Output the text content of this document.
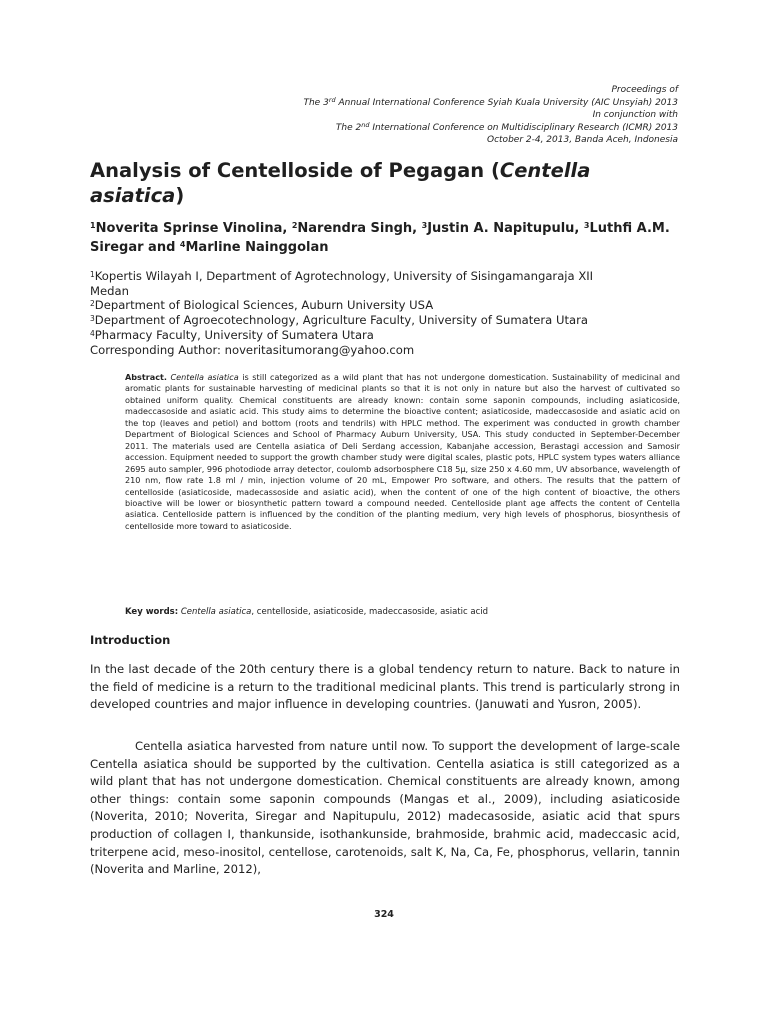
Proceedings of
The 3rd Annual International Conference Syiah Kuala University (AIC Unsyiah) 2013
In conjunction with
The 2nd International Conference on Multidisciplinary Research (ICMR) 2013
October 2-4, 2013, Banda Aceh, Indonesia
Analysis of Centelloside of Pegagan (Centella asiatica)
$^1$Noverita Sprinse Vinolina, $^2$Narendra Singh, $^3$Justin A. Napitupulu, $^3$Luthfi A.M. Siregar and $^4$Marline Nainggolan
$^1$Kopertis Wilayah I, Department of Agrotechnology, University of Sisingamangaraja XII
Medan
$^2$Department of Biological Sciences, Auburn University USA
$^3$Department of Agroecotechnology, Agriculture Faculty, University of Sumatera Utara
$^4$Pharmacy Faculty, University of Sumatera Utara
Corresponding Author: noveritasitumorang@yahoo.com
Abstract. Centella asiatica is still categorized as a wild plant that has not undergone domestication. Sustainability of medicinal and aromatic plants for sustainable harvesting of medicinal plants so that it is not only in nature but also the harvest of cultivated so obtained uniform quality. Chemical constituents are already known: contain some saponin compounds, including asiaticoside, madeccasoside and asiatic acid. This study aims to determine the bioactive content; asiaticoside, madeccasoside and asiatic acid on the top (leaves and petiol) and bottom (roots and tendrils) with HPLC method. The experiment was conducted in growth chamber Department of Biological Sciences and School of Pharmacy Auburn University, USA. This study conducted in September-December 2011. The materials used are Centella asiatica of Deli Serdang accession, Kabanjahe accession, Berastagi accession and Samosir accession. Equipment needed to support the growth chamber study were digital scales, plastic pots, HPLC system types waters alliance 2695 auto sampler, 996 photodiode array detector, coulomb adsorbosphere C18 5μ, size 250 x 4.60 mm, UV absorbance, wavelength of 210 nm, flow rate 1.8 ml / min, injection volume of 20 mL, Empower Pro software, and others. The results that the pattern of centelloside (asiaticoside, madecassoside and asiatic acid), when the content of one of the high content of bioactive, the others bioactive will be lower or biosynthetic pattern toward a compound needed. Centelloside plant age affects the content of Centella asiatica. Centelloside pattern is influenced by the condition of the planting medium, very high levels of phosphorus, biosynthesis of centelloside more toward to asiaticoside.
Key words: Centella asiatica, centelloside, asiaticoside, madeccasoside, asiatic acid
Introduction
In the last decade of the 20th century there is a global tendency return to nature. Back to nature in the field of medicine is a return to the traditional medicinal plants. This trend is particularly strong in developed countries and major influence in developing countries. (Januwati and Yusron, 2005).
Centella asiatica harvested from nature until now. To support the development of large-scale Centella asiatica should be supported by the cultivation. Centella asiatica is still categorized as a wild plant that has not undergone domestication. Chemical constituents are already known, among other things: contain some saponin compounds (Mangas et al., 2009), including asiaticoside (Noverita, 2010; Noverita, Siregar and Napitupulu, 2012) madecasoside, asiatic acid that spurs production of collagen I, thankunside, isothankunside, brahmoside, brahmic acid, madeccasic acid, triterpene acid, meso-inositol, centellose, carotenoids, salt K, Na, Ca, Fe, phosphorus, vellarin, tannin (Noverita and Marline, 2012),
324
